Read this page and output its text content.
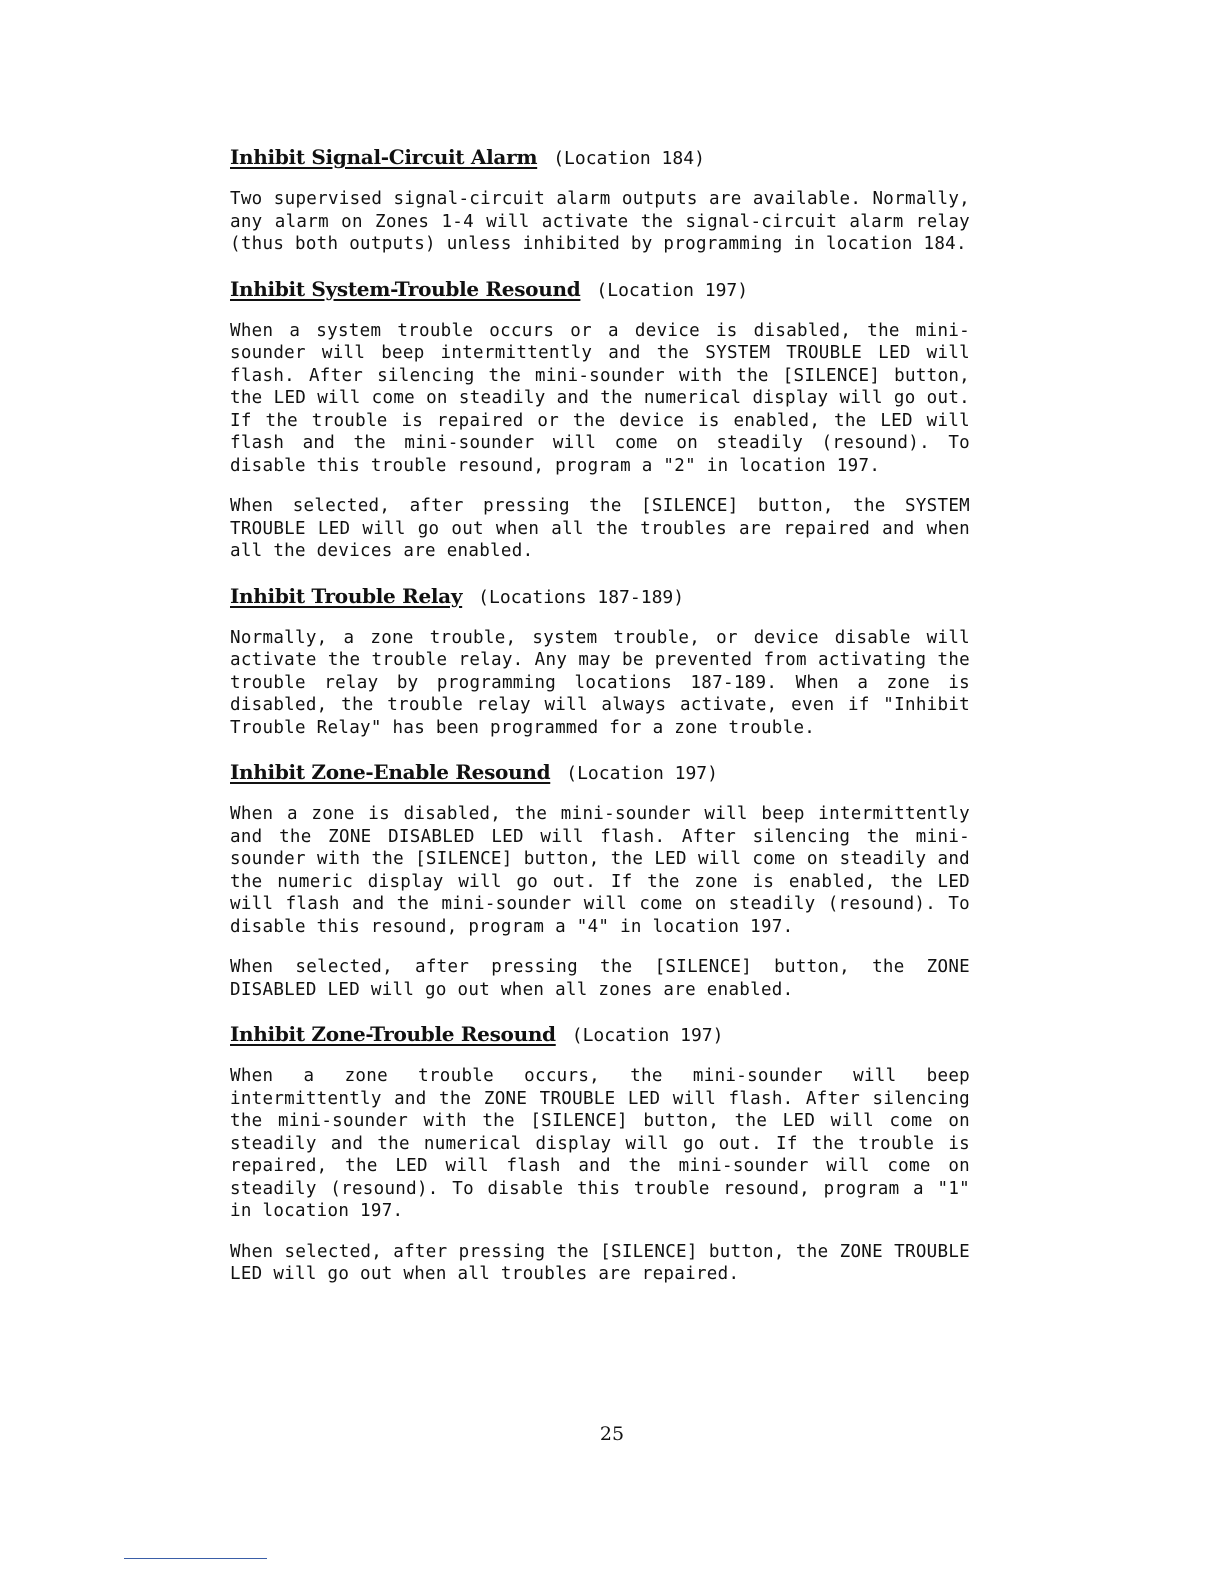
Inhibit Signal-Circuit Alarm (Location 184)

Two supervised signal-circuit alarm outputs are available. Normally, any alarm on Zones 1-4 will activate the signal-circuit alarm relay (thus both outputs) unless inhibited by programming in location 184.

Inhibit System-Trouble Resound (Location 197)

When a system trouble occurs or a device is disabled, the mini-sounder will beep intermittently and the SYSTEM TROUBLE LED will flash. After silencing the mini-sounder with the [SILENCE] button, the LED will come on steadily and the numerical display will go out. If the trouble is repaired or the device is enabled, the LED will flash and the mini-sounder will come on steadily (resound). To disable this trouble resound, program a "2" in location 197.

When selected, after pressing the [SILENCE] button, the SYSTEM TROUBLE LED will go out when all the troubles are repaired and when all the devices are enabled.

Inhibit Trouble Relay (Locations 187-189)

Normally, a zone trouble, system trouble, or device disable will activate the trouble relay. Any may be prevented from activating the trouble relay by programming locations 187-189. When a zone is disabled, the trouble relay will always activate, even if "Inhibit Trouble Relay" has been programmed for a zone trouble.

Inhibit Zone-Enable Resound (Location 197)

When a zone is disabled, the mini-sounder will beep intermittently and the ZONE DISABLED LED will flash. After silencing the mini-sounder with the [SILENCE] button, the LED will come on steadily and the numeric display will go out. If the zone is enabled, the LED will flash and the mini-sounder will come on steadily (resound). To disable this resound, program a "4" in location 197.

When selected, after pressing the [SILENCE] button, the ZONE DISABLED LED will go out when all zones are enabled.

Inhibit Zone-Trouble Resound (Location 197)

When a zone trouble occurs, the mini-sounder will beep intermittently and the ZONE TROUBLE LED will flash. After silencing the mini-sounder with the [SILENCE] button, the LED will come on steadily and the numerical display will go out. If the trouble is repaired, the LED will flash and the mini-sounder will come on steadily (resound). To disable this trouble resound, program a "1" in location 197.

When selected, after pressing the [SILENCE] button, the ZONE TROUBLE LED will go out when all troubles are repaired.

25
